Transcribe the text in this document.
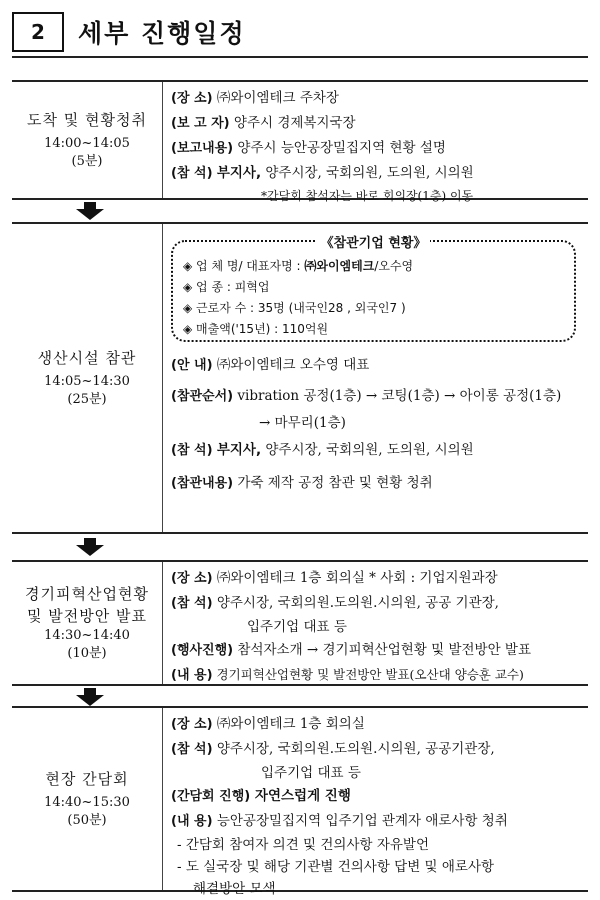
2	세부 진행일정
도착 및 현황청취
14:00~14:05
(5분)
(장 소) ㈜와이엠테크 주차장
(보 고 자) 양주시 경제복지국장
(보고내용) 양주시 능안공장밀집지역 현황 설명
(참 석) 부지사, 양주시장, 국회의원, 도의원, 시의원
*간담회 참석자는 바로 회의장(1층) 이동
생산시설 참관
14:05~14:30
(25분)
《참관기업 현황》
◈ 업 체 명/ 대표자명 : ㈜와이엠테크/오수영
◈ 업 종 : 피혁업
◈ 근로자 수 : 35명 (내국인28 , 외국인7 )
◈ 매출액('15년) : 110억원
(안 내) ㈜와이엠테크 오수영 대표
(참관순서) vibration 공정(1층) → 코팅(1층) → 아이롱 공정(1층)
→ 마무리(1층)
(참 석) 부지사, 양주시장, 국회의원, 도의원, 시의원
(참관내용) 가죽 제작 공정 참관 및 현황 청취
경기피혁산업현황
및 발전방안 발표
14:30~14:40
(10분)
(장 소) ㈜와이엠테크 1층 회의실 * 사회 : 기업지원과장
(참 석) 양주시장, 국회의원.도의원.시의원, 공공 기관장,
입주기업 대표 등
(행사진행) 참석자소개 → 경기피혁산업현황 및 발전방안 발표
(내 용) 경기피혁산업현황 및 발전방안 발표(오산대 양승훈 교수)
현장 간담회
14:40~15:30
(50분)
(장 소) ㈜와이엠테크 1층 회의실
(참 석) 양주시장, 국회의원.도의원.시의원, 공공기관장,
입주기업 대표 등
(간담회 진행) 자연스럽게 진행
(내 용) 능안공장밀집지역 입주기업 관계자 애로사항 청취
- 간담회 참여자 의견 및 건의사항 자유발언
- 도 실국장 및 해당 기관별 건의사항 답변 및 애로사항
해결방안 모색
